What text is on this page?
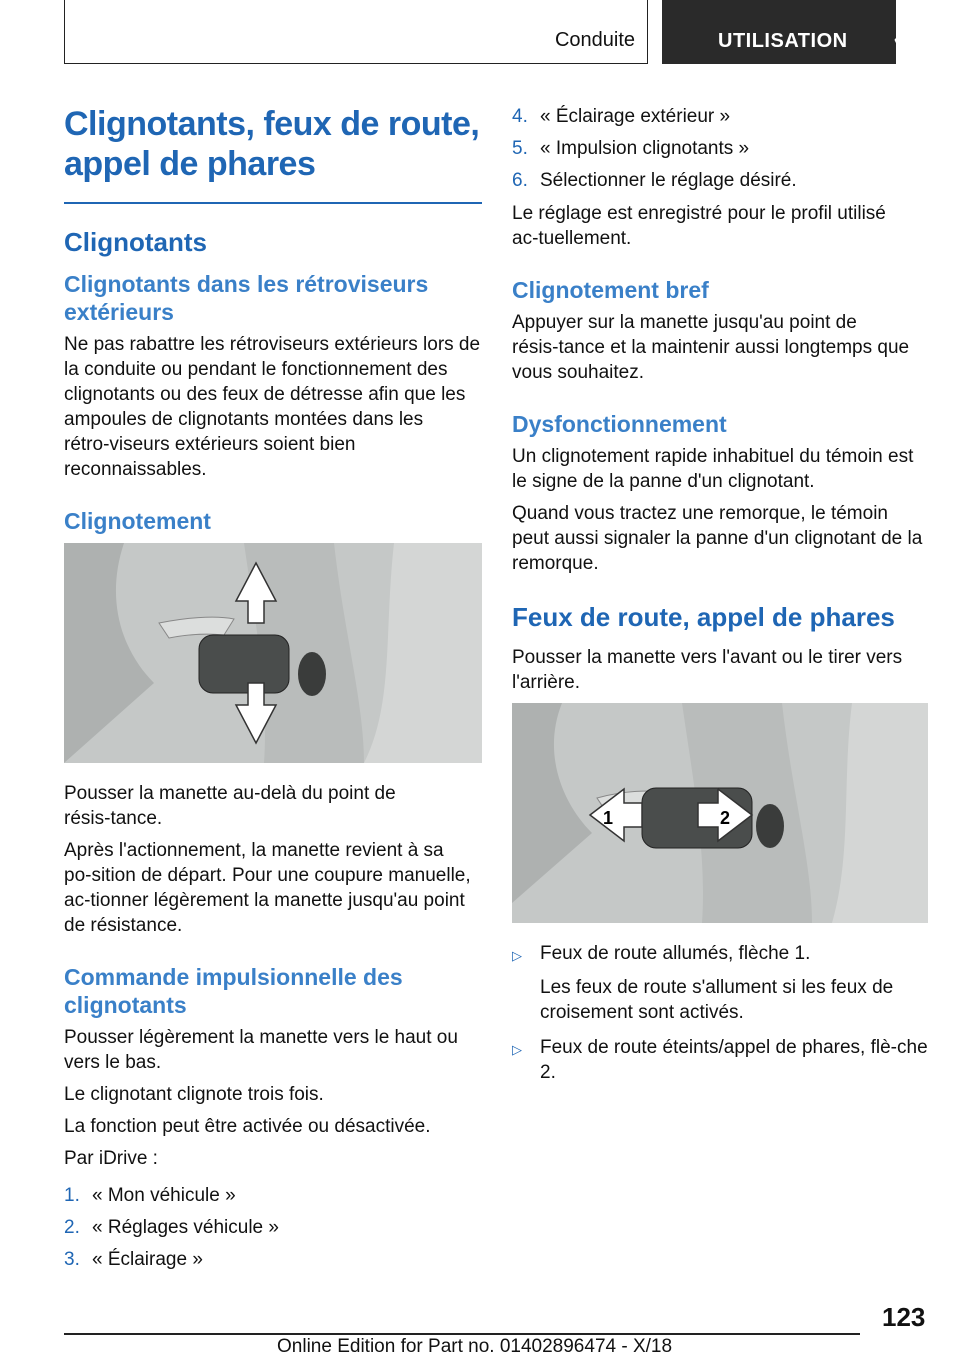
Conduite	UTILISATION
Clignotants, feux de route, appel de phares
Clignotants
Clignotants dans les rétroviseurs extérieurs

Ne pas rabattre les rétroviseurs extérieurs lors de la conduite ou pendant le fonctionnement des clignotants ou des feux de détresse afin que les ampoules de clignotants montées dans les rétro‑viseurs extérieurs soient bien reconnaissables.

Clignotement

Pousser la manette au-delà du point de résis‑tance.

Après l'actionnement, la manette revient à sa po‑sition de départ. Pour une coupure manuelle, ac‑tionner légèrement la manette jusqu'au point de résistance.

Commande impulsionnelle des clignotants

Pousser légèrement la manette vers le haut ou vers le bas.

Le clignotant clignote trois fois.

La fonction peut être activée ou désactivée.

Par iDrive :

1. « Mon véhicule »
2. « Réglages véhicule »
3. « Éclairage »
4. « Éclairage extérieur »
5. « Impulsion clignotants »
6. Sélectionner le réglage désiré.

Le réglage est enregistré pour le profil utilisé ac‑tuellement.

Clignotement bref

Appuyer sur la manette jusqu'au point de résis‑tance et la maintenir aussi longtemps que vous souhaitez.

Dysfonctionnement

Un clignotement rapide inhabituel du témoin est le signe de la panne d'un clignotant.

Quand vous tractez une remorque, le témoin peut aussi signaler la panne d'un clignotant de la remorque.

Feux de route, appel de phares

Pousser la manette vers l'avant ou le tirer vers l'arrière.

1	2
▷ Feux de route allumés, flèche 1.

Les feux de route s'allument si les feux de croisement sont activés.

▷ Feux de route éteints/appel de phares, flè‑che 2.
123
Online Edition for Part no. 01402896474 - X/18
